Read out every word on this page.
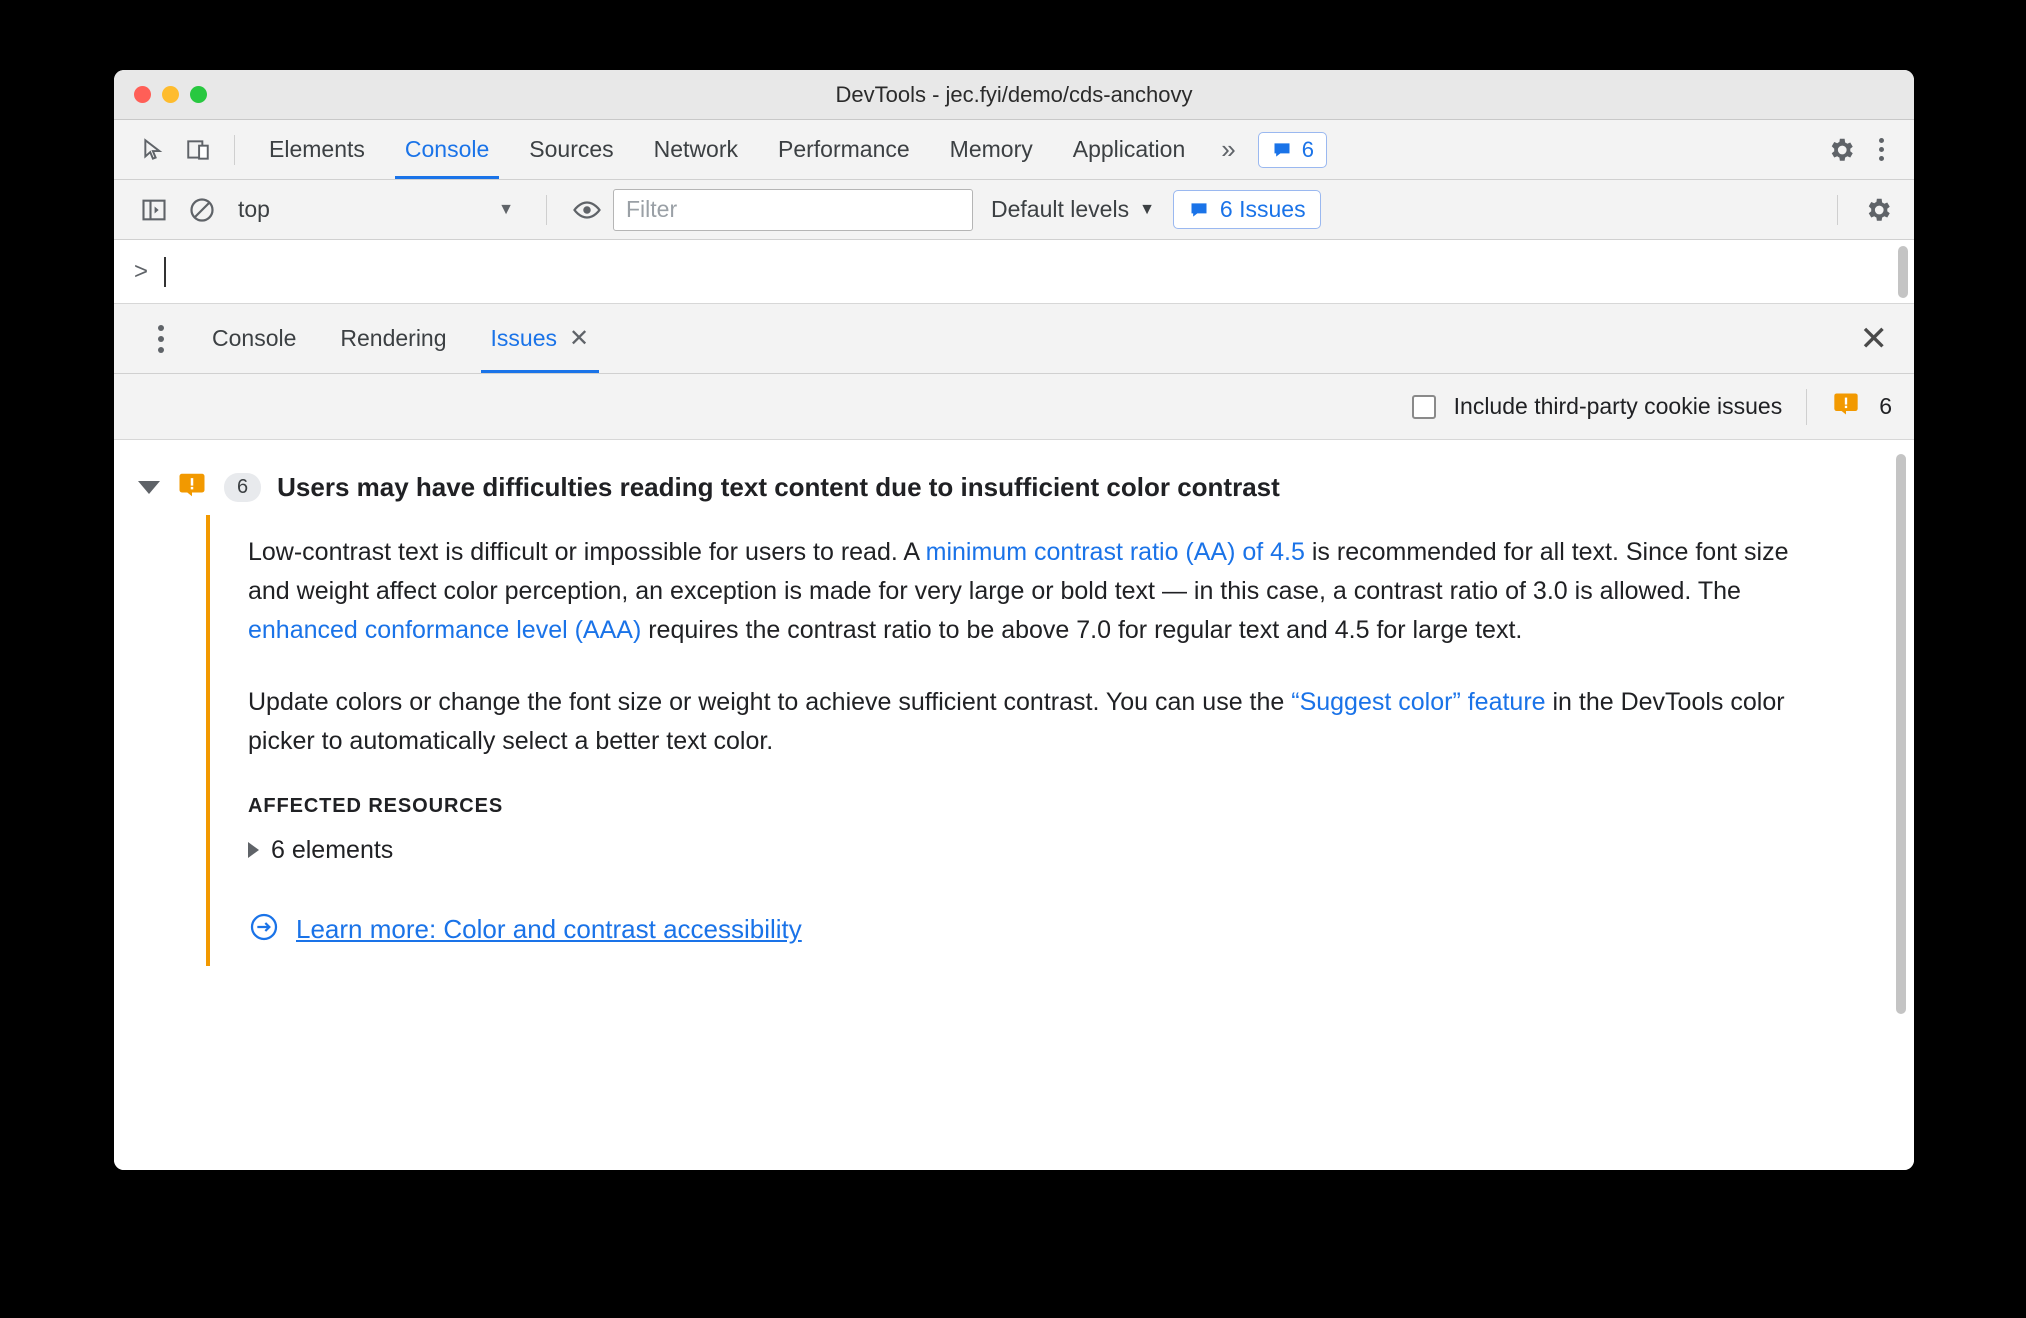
DevTools - jec.fyi/demo/cds-anchovy
Elements	Console	Sources	Network	Performance	Memory	Application	»	6
top	▼	Filter	Default levels ▼	6 Issues
>
Console Rendering Issues ✕	✕
Include third-party cookie issues	6
6	Users may have difficulties reading text content due to insufficient color contrast
Low-contrast text is difficult or impossible for users to read. A minimum contrast ratio (AA) of 4.5 is recommended for all text. Since font size and weight affect color perception, an exception is made for very large or bold text — in this case, a contrast ratio of 3.0 is allowed. The enhanced conformance level (AAA) requires the contrast ratio to be above 7.0 for regular text and 4.5 for large text.
Update colors or change the font size or weight to achieve sufficient contrast. You can use the “Suggest color” feature in the DevTools color picker to automatically select a better text color.
AFFECTED RESOURCES
6 elements
Learn more: Color and contrast accessibility
